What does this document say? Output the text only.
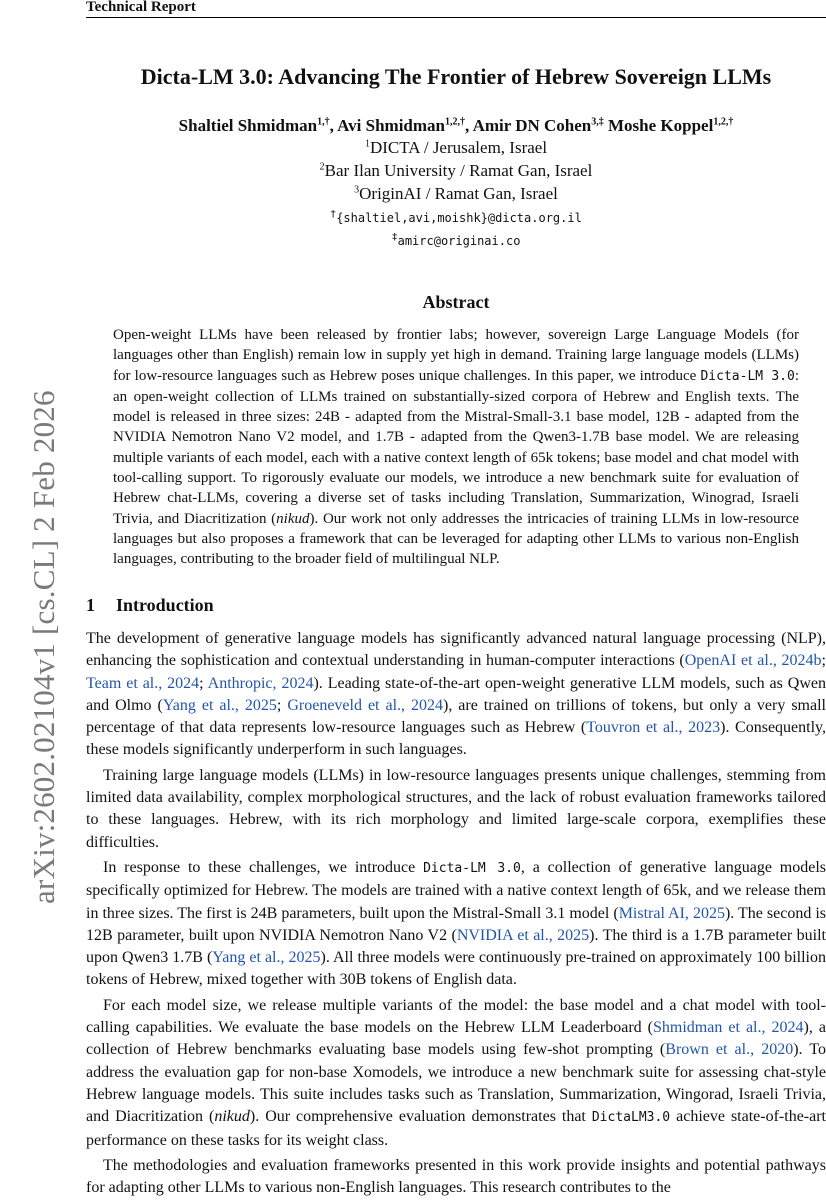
Technical Report
arXiv:2602.02104v1 [cs.CL] 2 Feb 2026
Dicta-LM 3.0: Advancing The Frontier of Hebrew Sovereign LLMs
Shaltiel Shmidman$^{1,\dagger}$, Avi Shmidman$^{1,2,\dagger}$, Amir DN Cohen$^{3,\ddagger}$ Moshe Koppel$^{1,2,\dagger}$
$^1$DICTA / Jerusalem, Israel
$^2$Bar Ilan University / Ramat Gan, Israel
$^3$OriginAI / Ramat Gan, Israel
†{shaltiel,avi,moishk}@dicta.org.il
‡amirc@originai.co
Abstract
Open-weight LLMs have been released by frontier labs; however, sovereign Large Language Models (for languages other than English) remain low in supply yet high in demand. Training large language models (LLMs) for low-resource languages such as Hebrew poses unique challenges. In this paper, we introduce Dicta-LM 3.0: an open-weight collection of LLMs trained on substantially-sized corpora of Hebrew and English texts. The model is released in three sizes: 24B - adapted from the Mistral-Small-3.1 base model, 12B - adapted from the NVIDIA Nemotron Nano V2 model, and 1.7B - adapted from the Qwen3-1.7B base model. We are releasing multiple variants of each model, each with a native context length of 65k tokens; base model and chat model with tool-calling support. To rigorously evaluate our models, we introduce a new benchmark suite for evaluation of Hebrew chat-LLMs, covering a diverse set of tasks including Translation, Summarization, Winograd, Israeli Trivia, and Diacritization (nikud). Our work not only addresses the intricacies of training LLMs in low-resource languages but also proposes a framework that can be leveraged for adapting other LLMs to various non-English languages, contributing to the broader field of multilingual NLP.
1 Introduction

The development of generative language models has significantly advanced natural language processing (NLP), enhancing the sophistication and contextual understanding in human-computer interactions (OpenAI et al., 2024b; Team et al., 2024; Anthropic, 2024). Leading state-of-the-art open-weight generative LLM models, such as Qwen and Olmo (Yang et al., 2025; Groeneveld et al., 2024), are trained on trillions of tokens, but only a very small percentage of that data represents low-resource languages such as Hebrew (Touvron et al., 2023). Consequently, these models significantly underperform in such languages.

Training large language models (LLMs) in low-resource languages presents unique challenges, stemming from limited data availability, complex morphological structures, and the lack of robust evaluation frameworks tailored to these languages. Hebrew, with its rich morphology and limited large-scale corpora, exemplifies these difficulties.

In response to these challenges, we introduce Dicta-LM 3.0, a collection of generative language models specifically optimized for Hebrew. The models are trained with a native context length of 65k, and we release them in three sizes. The first is 24B parameters, built upon the Mistral-Small 3.1 model (Mistral AI, 2025). The second is 12B parameter, built upon NVIDIA Nemotron Nano V2 (NVIDIA et al., 2025). The third is a 1.7B parameter built upon Qwen3 1.7B (Yang et al., 2025). All three models were continuously pre-trained on approximately 100 billion tokens of Hebrew, mixed together with 30B tokens of English data.

For each model size, we release multiple variants of the model: the base model and a chat model with tool-calling capabilities. We evaluate the base models on the Hebrew LLM Leaderboard (Shmidman et al., 2024), a collection of Hebrew benchmarks evaluating base models using few-shot prompting (Brown et al., 2020). To address the evaluation gap for non-base Xomodels, we introduce a new benchmark suite for assessing chat-style Hebrew language models. This suite includes tasks such as Translation, Summarization, Wingorad, Israeli Trivia, and Diacritization (nikud). Our comprehensive evaluation demonstrates that DictaLM3.0 achieve state-of-the-art performance on these tasks for its weight class.

The methodologies and evaluation frameworks presented in this work provide insights and potential pathways for adapting other LLMs to various non-English languages. This research contributes to the
